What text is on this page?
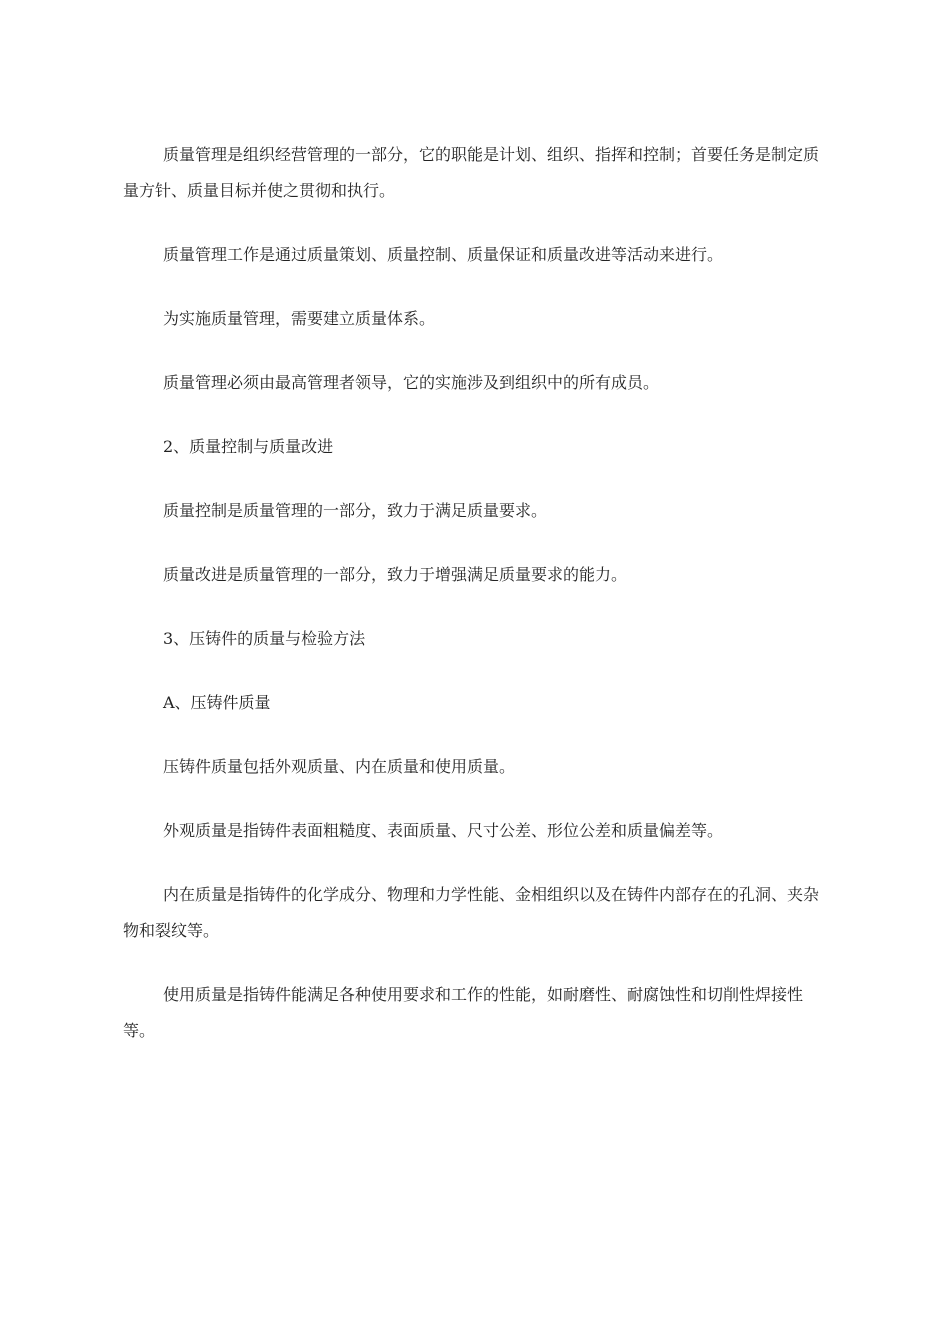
质量管理是组织经营管理的一部分，它的职能是计划、组织、指挥和控制；首要任务是制定质量方针、质量目标并使之贯彻和执行。

质量管理工作是通过质量策划、质量控制、质量保证和质量改进等活动来进行。

为实施质量管理，需要建立质量体系。

质量管理必须由最高管理者领导，它的实施涉及到组织中的所有成员。

2、质量控制与质量改进

质量控制是质量管理的一部分，致力于满足质量要求。

质量改进是质量管理的一部分，致力于增强满足质量要求的能力。

3、压铸件的质量与检验方法

A、压铸件质量

压铸件质量包括外观质量、内在质量和使用质量。

外观质量是指铸件表面粗糙度、表面质量、尺寸公差、形位公差和质量偏差等。

内在质量是指铸件的化学成分、物理和力学性能、金相组织以及在铸件内部存在的孔洞、夹杂物和裂纹等。

使用质量是指铸件能满足各种使用要求和工作的性能，如耐磨性、耐腐蚀性和切削性焊接性等。
